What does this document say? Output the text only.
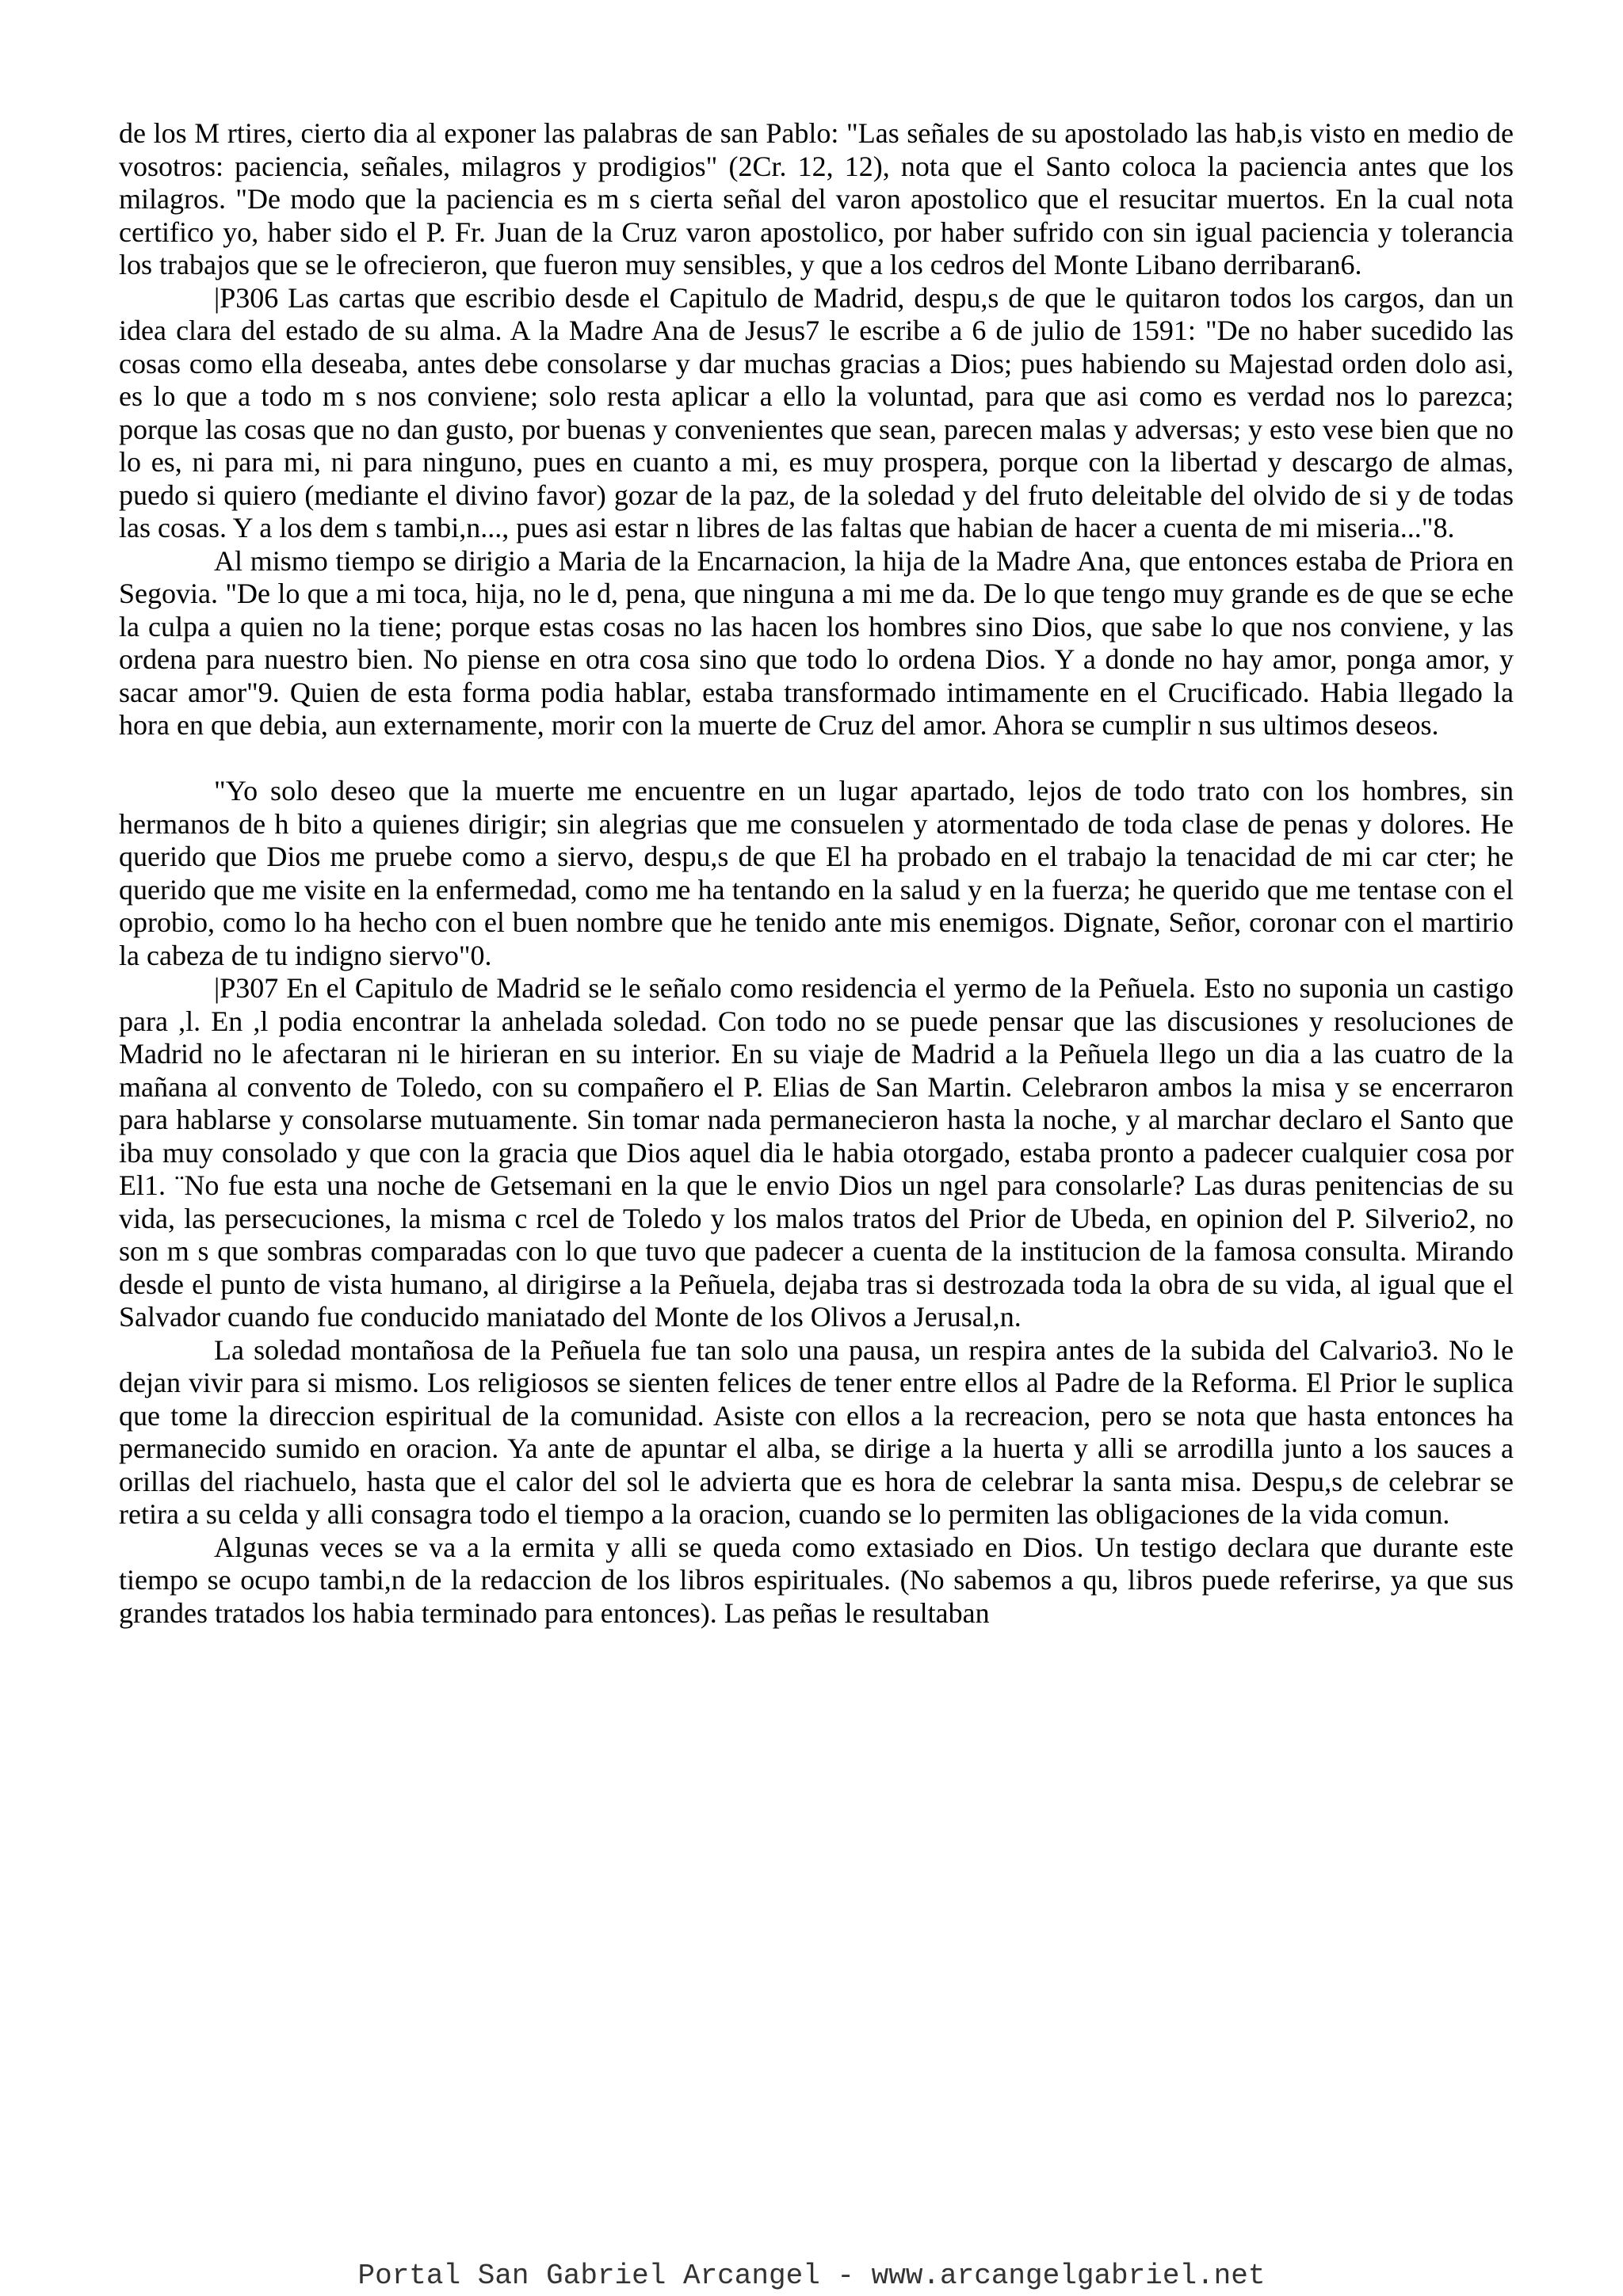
de los M rtires, cierto dia al exponer las palabras de san Pablo: "Las señales de su apostolado las hab,is visto en medio de vosotros: paciencia, señales, milagros y prodigios" (2Cr. 12, 12), nota que el Santo coloca la paciencia antes que los milagros. "De modo que la paciencia es m s cierta señal del varon apostolico que el resucitar muertos. En la cual nota certifico yo, haber sido el P. Fr. Juan de la Cruz varon apostolico, por haber sufrido con sin igual paciencia y tolerancia los trabajos que se le ofrecieron, que fueron muy sensibles, y que a los cedros del Monte Libano derribaran6.

|P306 Las cartas que escribio desde el Capitulo de Madrid, despu,s de que le quitaron todos los cargos, dan un idea clara del estado de su alma. A la Madre Ana de Jesus7 le escribe a 6 de julio de 1591: "De no haber sucedido las cosas como ella deseaba, antes debe consolarse y dar muchas gracias a Dios; pues habiendo su Majestad orden dolo asi, es lo que a todo m s nos conviene; solo resta aplicar a ello la voluntad, para que asi como es verdad nos lo parezca; porque las cosas que no dan gusto, por buenas y convenientes que sean, parecen malas y adversas; y esto vese bien que no lo es, ni para mi, ni para ninguno, pues en cuanto a mi, es muy prospera, porque con la libertad y descargo de almas, puedo si quiero (mediante el divino favor) gozar de la paz, de la soledad y del fruto deleitable del olvido de si y de todas las cosas. Y a los dem s tambi,n..., pues asi estar n libres de las faltas que habian de hacer a cuenta de mi miseria..."8.

Al mismo tiempo se dirigio a Maria de la Encarnacion, la hija de la Madre Ana, que entonces estaba de Priora en Segovia. "De lo que a mi toca, hija, no le d, pena, que ninguna a mi me da. De lo que tengo muy grande es de que se eche la culpa a quien no la tiene; porque estas cosas no las hacen los hombres sino Dios, que sabe lo que nos conviene, y las ordena para nuestro bien. No piense en otra cosa sino que todo lo ordena Dios. Y a donde no hay amor, ponga amor, y sacar amor"9. Quien de esta forma podia hablar, estaba transformado intimamente en el Crucificado. Habia llegado la hora en que debia, aun externamente, morir con la muerte de Cruz del amor. Ahora se cumplir n sus ultimos deseos.

"Yo solo deseo que la muerte me encuentre en un lugar apartado, lejos de todo trato con los hombres, sin hermanos de h bito a quienes dirigir; sin alegrias que me consuelen y atormentado de toda clase de penas y dolores. He querido que Dios me pruebe como a siervo, despu,s de que El ha probado en el trabajo la tenacidad de mi car cter; he querido que me visite en la enfermedad, como me ha tentando en la salud y en la fuerza; he querido que me tentase con el oprobio, como lo ha hecho con el buen nombre que he tenido ante mis enemigos. Dignate, Señor, coronar con el martirio la cabeza de tu indigno siervo"0.

|P307 En el Capitulo de Madrid se le señalo como residencia el yermo de la Peñuela. Esto no suponia un castigo para ,l. En ,l podia encontrar la anhelada soledad. Con todo no se puede pensar que las discusiones y resoluciones de Madrid no le afectaran ni le hirieran en su interior. En su viaje de Madrid a la Peñuela llego un dia a las cuatro de la mañana al convento de Toledo, con su compañero el P. Elias de San Martin. Celebraron ambos la misa y se encerraron para hablarse y consolarse mutuamente. Sin tomar nada permanecieron hasta la noche, y al marchar declaro el Santo que iba muy consolado y que con la gracia que Dios aquel dia le habia otorgado, estaba pronto a padecer cualquier cosa por El1. ¨No fue esta una noche de Getsemani en la que le envio Dios un ngel para consolarle? Las duras penitencias de su vida, las persecuciones, la misma c rcel de Toledo y los malos tratos del Prior de Ubeda, en opinion del P. Silverio2, no son m s que sombras comparadas con lo que tuvo que padecer a cuenta de la institucion de la famosa consulta. Mirando desde el punto de vista humano, al dirigirse a la Peñuela, dejaba tras si destrozada toda la obra de su vida, al igual que el Salvador cuando fue conducido maniatado del Monte de los Olivos a Jerusal,n.

La soledad montañosa de la Peñuela fue tan solo una pausa, un respira antes de la subida del Calvario3. No le dejan vivir para si mismo. Los religiosos se sienten felices de tener entre ellos al Padre de la Reforma. El Prior le suplica que tome la direccion espiritual de la comunidad. Asiste con ellos a la recreacion, pero se nota que hasta entonces ha permanecido sumido en oracion. Ya ante de apuntar el alba, se dirige a la huerta y alli se arrodilla junto a los sauces a orillas del riachuelo, hasta que el calor del sol le advierta que es hora de celebrar la santa misa. Despu,s de celebrar se retira a su celda y alli consagra todo el tiempo a la oracion, cuando se lo permiten las obligaciones de la vida comun.

Algunas veces se va a la ermita y alli se queda como extasiado en Dios. Un testigo declara que durante este tiempo se ocupo tambi,n de la redaccion de los libros espirituales. (No sabemos a qu, libros puede referirse, ya que sus grandes tratados los habia terminado para entonces). Las peñas le resultaban

Portal San Gabriel Arcangel - www.arcangelgabriel.net
